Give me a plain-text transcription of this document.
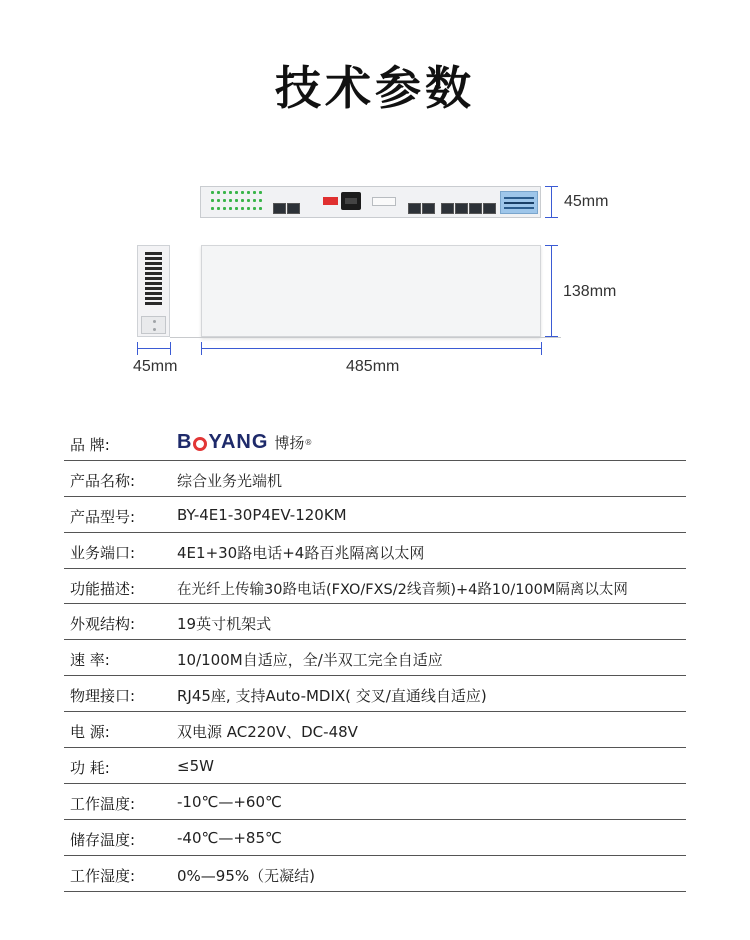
技术参数
45mm
138mm
45mm	485mm
品 牌:	B YANG 博扬 ®
产品名称:	综合业务光端机
产品型号:	BY-4E1-30P4EV-120KM
业务端口:	4E1+30路电话+4路百兆隔离以太网
功能描述:	在光纤上传输30路电话(FXO/FXS/2线音频)+4路10/100M隔离以太网
外观结构:	19英寸机架式
速 率:	10/100M自适应，全/半双工完全自适应
物理接口:	RJ45座, 支持Auto-MDIX( 交叉/直通线自适应)
电 源:	双电源 AC220V、DC-48V
功 耗:	≤5W
工作温度:	-10℃—+60℃
储存温度:	-40℃—+85℃
工作湿度:	0%—95%（无凝结)
